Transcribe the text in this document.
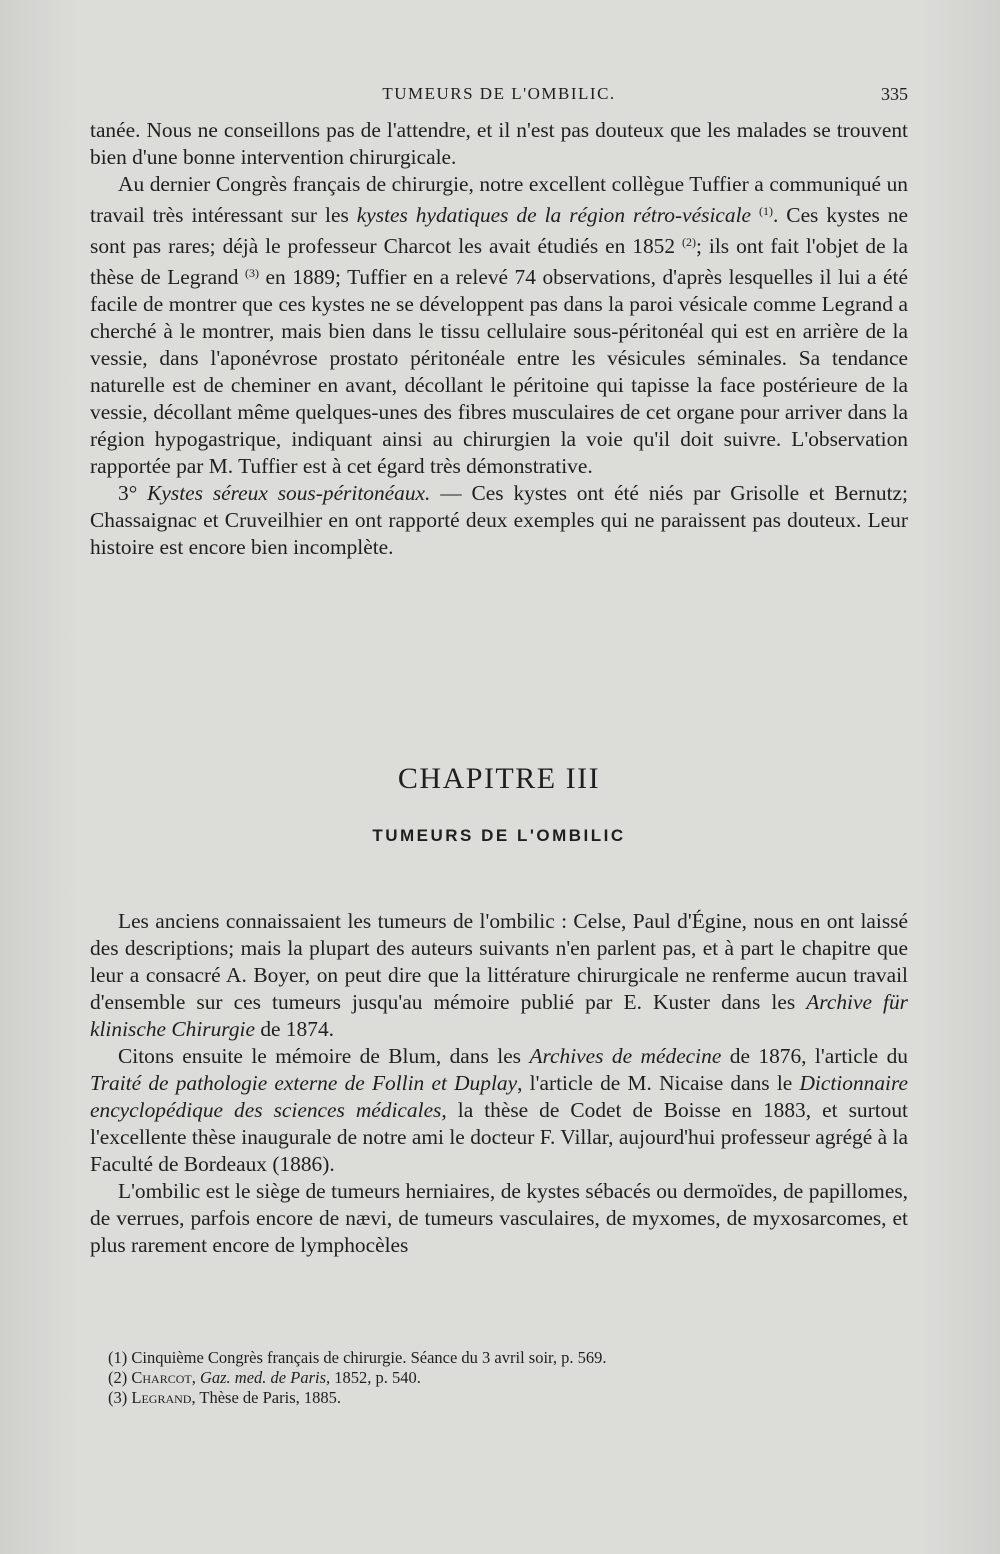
TUMEURS DE L'OMBILIC.	335

tanée. Nous ne conseillons pas de l'attendre, et il n'est pas douteux que les malades se trouvent bien d'une bonne intervention chirurgicale.

Au dernier Congrès français de chirurgie, notre excellent collègue Tuffier a communiqué un travail très intéressant sur les kystes hydatiques de la région rétro-vésicale $^{(1)}$. Ces kystes ne sont pas rares; déjà le professeur Charcot les avait étudiés en 1852 $^{(2)}$; ils ont fait l'objet de la thèse de Legrand $^{(3)}$ en 1889; Tuffier en a relevé 74 observations, d'après lesquelles il lui a été facile de montrer que ces kystes ne se développent pas dans la paroi vésicale comme Legrand a cherché à le montrer, mais bien dans le tissu cellulaire sous-péritonéal qui est en arrière de la vessie, dans l'aponévrose prostato péritonéale entre les vésicules séminales. Sa tendance naturelle est de cheminer en avant, décollant le péritoine qui tapisse la face postérieure de la vessie, décollant même quelques-unes des fibres musculaires de cet organe pour arriver dans la région hypogastrique, indiquant ainsi au chirurgien la voie qu'il doit suivre. L'observation rapportée par M. Tuffier est à cet égard très démonstrative.

3° Kystes séreux sous-péritonéaux. — Ces kystes ont été niés par Grisolle et Bernutz; Chassaignac et Cruveilhier en ont rapporté deux exemples qui ne paraissent pas douteux. Leur histoire est encore bien incomplète.

CHAPITRE III
TUMEURS DE L'OMBILIC

Les anciens connaissaient les tumeurs de l'ombilic : Celse, Paul d'Égine, nous en ont laissé des descriptions; mais la plupart des auteurs suivants n'en parlent pas, et à part le chapitre que leur a consacré A. Boyer, on peut dire que la littérature chirurgicale ne renferme aucun travail d'ensemble sur ces tumeurs jusqu'au mémoire publié par E. Kuster dans les Archive für klinische Chirurgie de 1874.

Citons ensuite le mémoire de Blum, dans les Archives de médecine de 1876, l'article du Traité de pathologie externe de Follin et Duplay, l'article de M. Nicaise dans le Dictionnaire encyclopédique des sciences médicales, la thèse de Codet de Boisse en 1883, et surtout l'excellente thèse inaugurale de notre ami le docteur F. Villar, aujourd'hui professeur agrégé à la Faculté de Bordeaux (1886).

L'ombilic est le siège de tumeurs herniaires, de kystes sébacés ou dermoïdes, de papillomes, de verrues, parfois encore de nævi, de tumeurs vasculaires, de myxomes, de myxosarcomes, et plus rarement encore de lymphocèles

(1) Cinquième Congrès français de chirurgie. Séance du 3 avril soir, p. 569.

(2) Charcot, Gaz. med. de Paris, 1852, p. 540.

(3) Legrand, Thèse de Paris, 1885.
